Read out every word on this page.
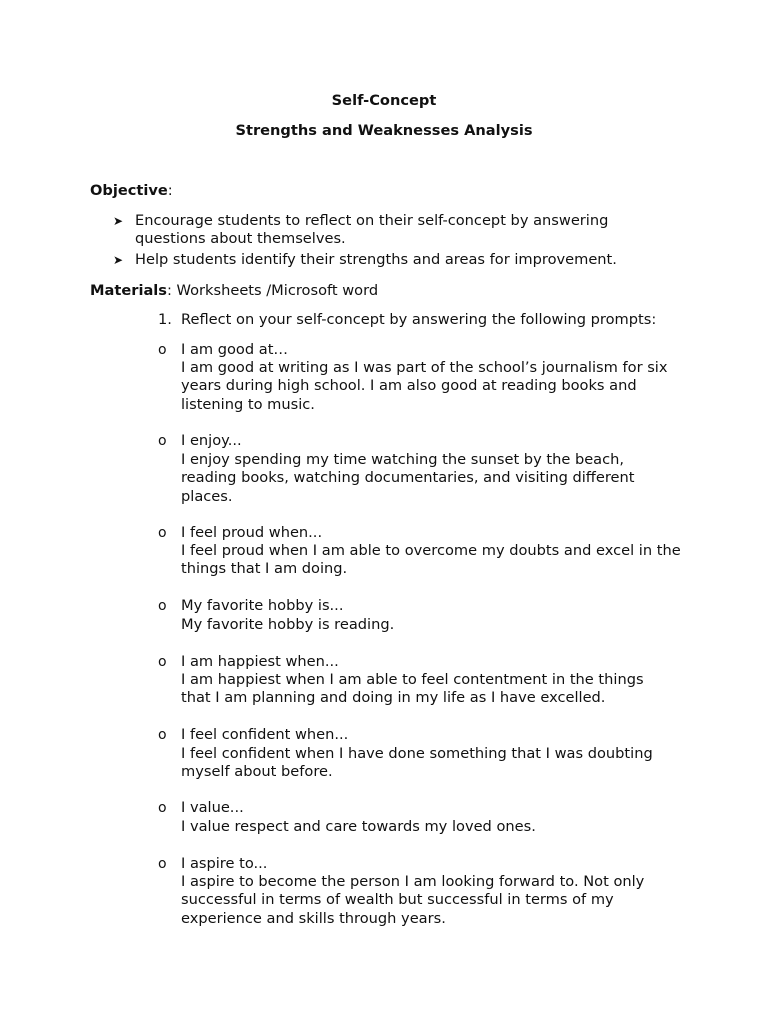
Self-Concept
Strengths and Weaknesses Analysis

Objective:

➤ Encourage students to reflect on their self-concept by answering questions about themselves.

➤ Help students identify their strengths and areas for improvement.

Materials: Worksheets /Microsoft word

1. Reflect on your self-concept by answering the following prompts:

o I am good at…

I am good at writing as I was part of the school’s journalism for six years during high school. I am also good at reading books and listening to music.

o I enjoy...

I enjoy spending my time watching the sunset by the beach, reading books, watching documentaries, and visiting different places.

o I feel proud when...

I feel proud when I am able to overcome my doubts and excel in the things that I am doing.

o My favorite hobby is...

My favorite hobby is reading.

o I am happiest when...

I am happiest when I am able to feel contentment in the things that I am planning and doing in my life as I have excelled.

o I feel confident when...

I feel confident when I have done something that I was doubting myself about before.

o I value...

I value respect and care towards my loved ones.

o I aspire to...

I aspire to become the person I am looking forward to. Not only successful in terms of wealth but successful in terms of my experience and skills through years.
